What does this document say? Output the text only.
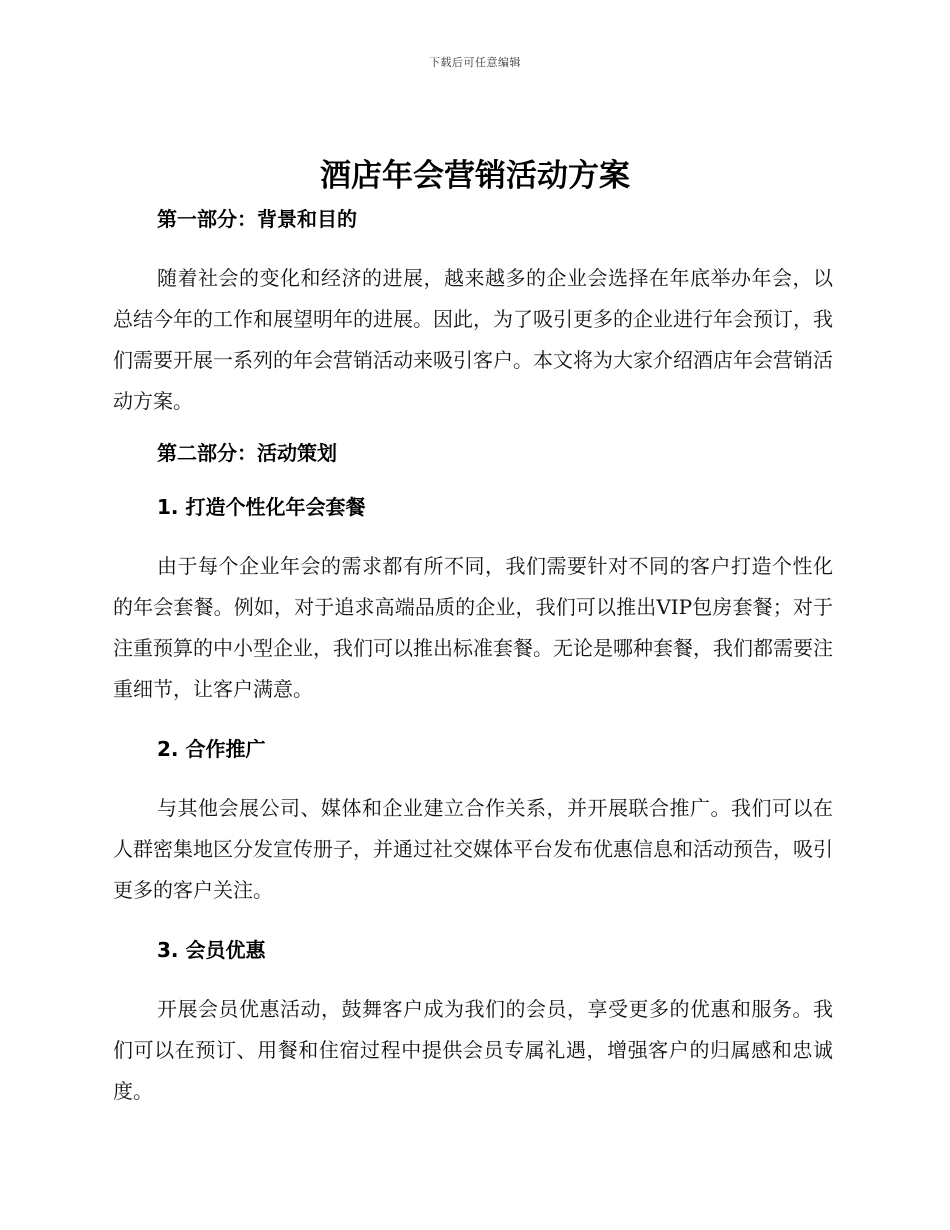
下载后可任意编辑
酒店年会营销活动方案

第一部分：背景和目的

随着社会的变化和经济的进展，越来越多的企业会选择在年底举办年会，以总结今年的工作和展望明年的进展。因此，为了吸引更多的企业进行年会预订，我们需要开展一系列的年会营销活动来吸引客户。本文将为大家介绍酒店年会营销活动方案。

第二部分：活动策划

1. 打造个性化年会套餐

由于每个企业年会的需求都有所不同，我们需要针对不同的客户打造个性化的年会套餐。例如，对于追求高端品质的企业，我们可以推出VIP包房套餐；对于注重预算的中小型企业，我们可以推出标准套餐。无论是哪种套餐，我们都需要注重细节，让客户满意。

2. 合作推广

与其他会展公司、媒体和企业建立合作关系，并开展联合推广。我们可以在人群密集地区分发宣传册子，并通过社交媒体平台发布优惠信息和活动预告，吸引更多的客户关注。

3. 会员优惠

开展会员优惠活动，鼓舞客户成为我们的会员，享受更多的优惠和服务。我们可以在预订、用餐和住宿过程中提供会员专属礼遇，增强客户的归属感和忠诚度。
